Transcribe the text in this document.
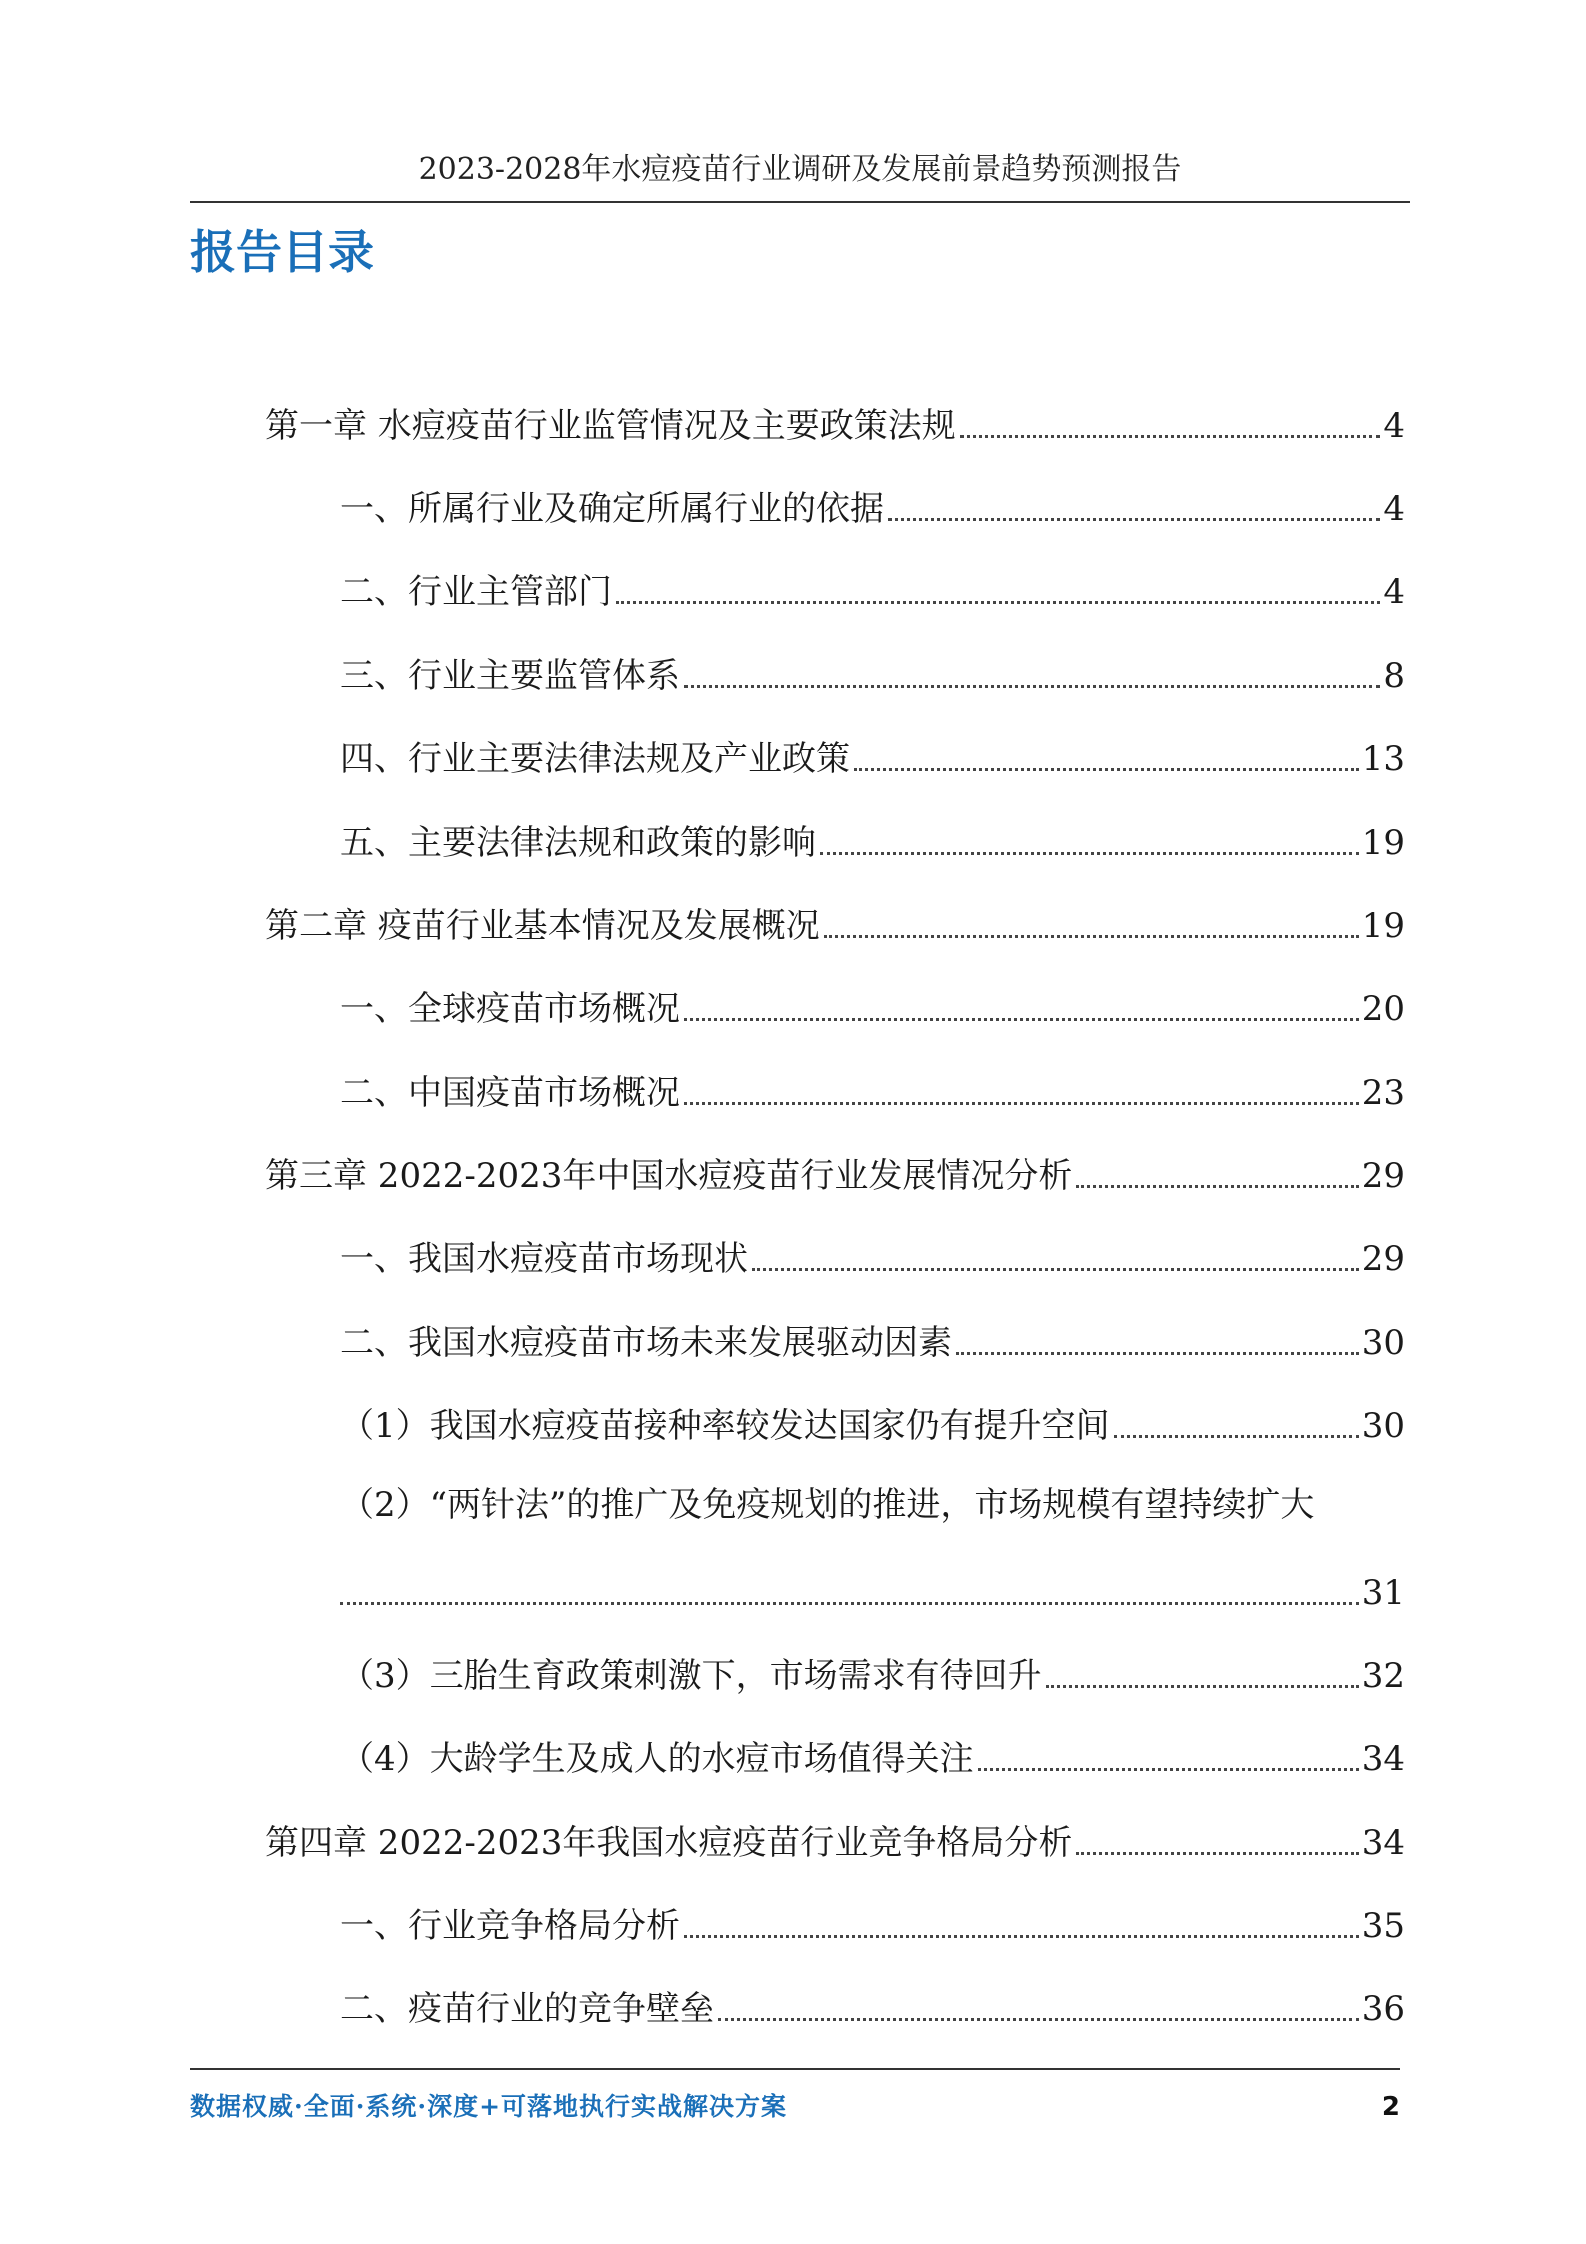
2023-2028年水痘疫苗行业调研及发展前景趋势预测报告
报告目录
第一章 水痘疫苗行业监管情况及主要政策法规	4
一、所属行业及确定所属行业的依据	4
二、行业主管部门	4
三、行业主要监管体系	8
四、行业主要法律法规及产业政策	13
五、主要法律法规和政策的影响	19
第二章 疫苗行业基本情况及发展概况	19
一、全球疫苗市场概况	20
二、中国疫苗市场概况	23
第三章 2022-2023年中国水痘疫苗行业发展情况分析	29
一、我国水痘疫苗市场现状	29
二、我国水痘疫苗市场未来发展驱动因素	30
（1）我国水痘疫苗接种率较发达国家仍有提升空间	30
（2）“两针法”的推广及免疫规划的推进，市场规模有望持续扩大
31
（3）三胎生育政策刺激下，市场需求有待回升	32
（4）大龄学生及成人的水痘市场值得关注	34
第四章 2022-2023年我国水痘疫苗行业竞争格局分析	34
一、行业竞争格局分析	35
二、疫苗行业的竞争壁垒	36
数据权威·全面·系统·深度+可落地执行实战解决方案	2
